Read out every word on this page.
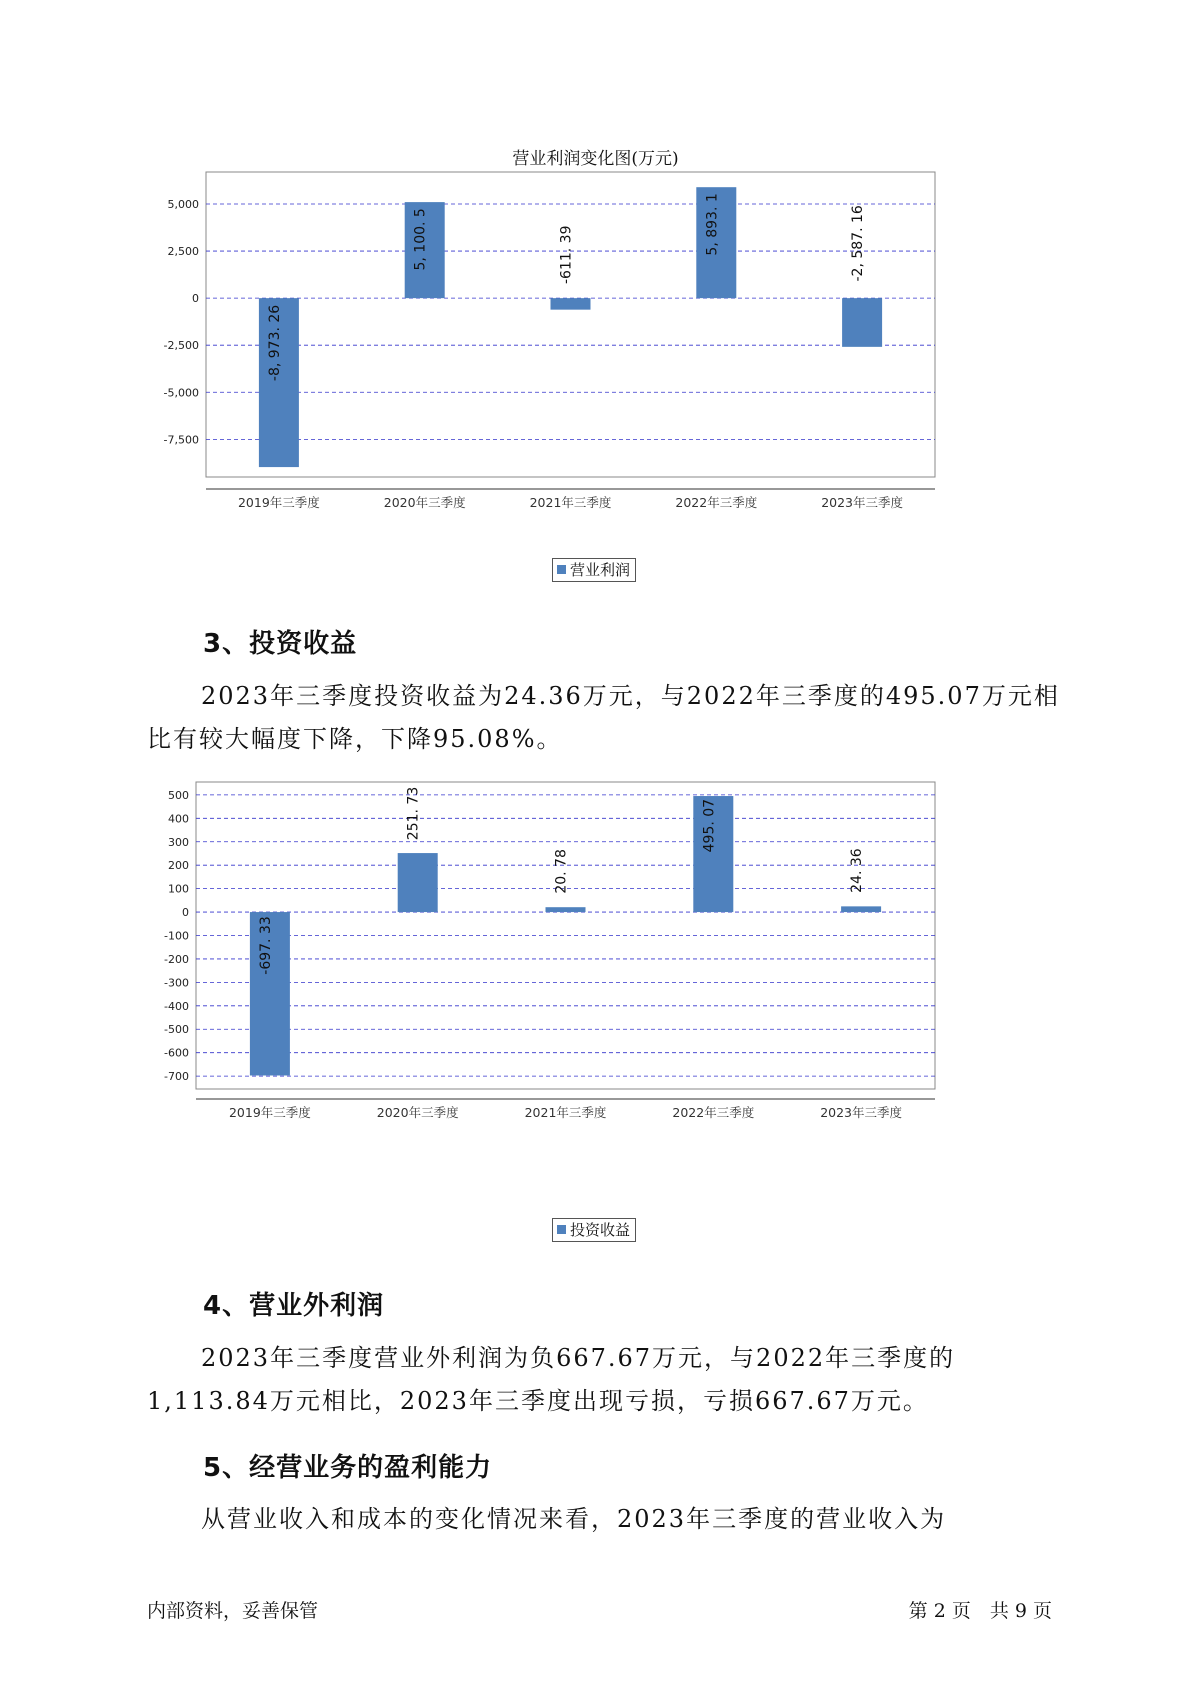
营业利润变化图(万元)
5,000
2,500
0
-2,500
-5,000
-7,500
-8, 973. 26
2019年三季度
5, 100. 5
2020年三季度
-611. 39
2021年三季度
5, 893. 1
2022年三季度
-2, 587. 16
2023年三季度
营业利润
3、投资收益

2023年三季度投资收益为24.36万元，与2022年三季度的495.07万元相比有较大幅度下降，下降95.08%。

500
400
300
200
100
0
-100
-200
-300
-400
-500
-600
-700
-697. 33
2019年三季度
251. 73
2020年三季度
20. 78
2021年三季度
495. 07
2022年三季度
24. 36
2023年三季度
投资收益
4、营业外利润

2023年三季度营业外利润为负667.67万元，与2022年三季度的1,113.84万元相比，2023年三季度出现亏损，亏损667.67万元。

5、经营业务的盈利能力

从营业收入和成本的变化情况来看，2023年三季度的营业收入为

内部资料，妥善保管	第 2 页　共 9 页
